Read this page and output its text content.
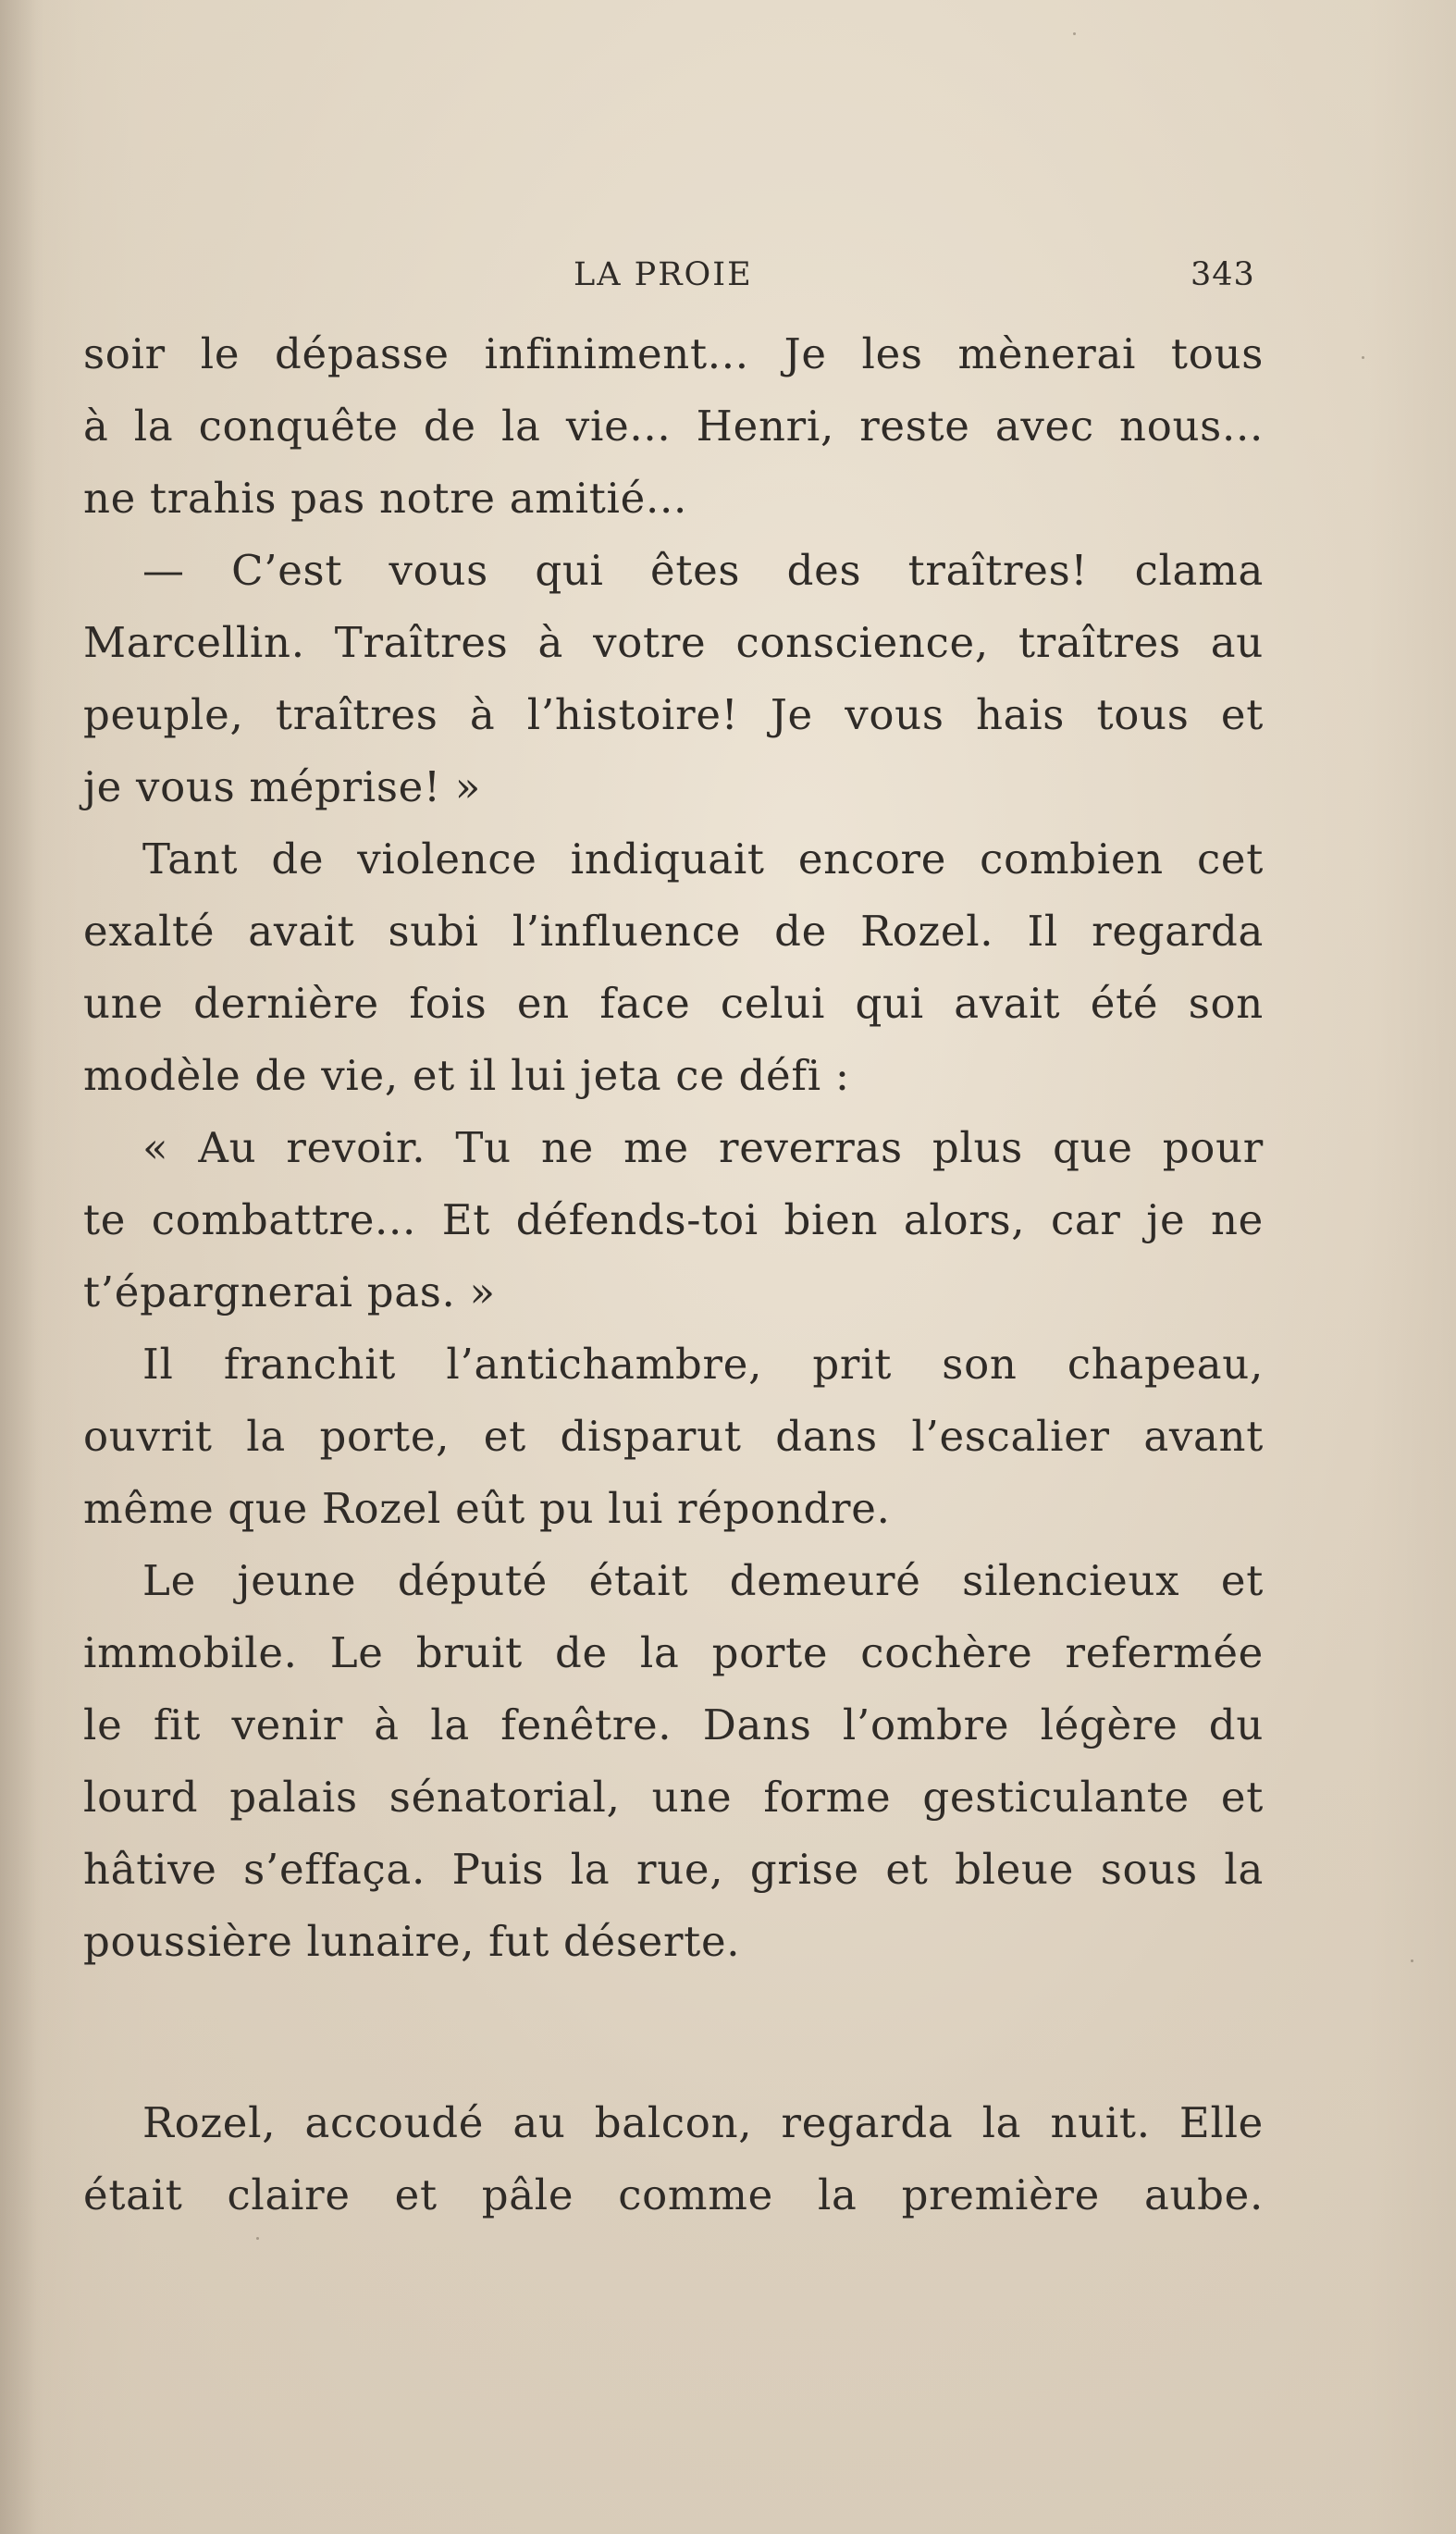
LA PROIE	343
soir le dépasse infiniment... Je les mènerai tous
à la conquête de la vie... Henri, reste avec nous...
ne trahis pas notre amitié...
— C’est vous qui êtes des traîtres! clama
Marcellin. Traîtres à votre conscience, traîtres au
peuple, traîtres à l’histoire! Je vous hais tous et
je vous méprise! »
Tant de violence indiquait encore combien cet
exalté avait subi l’influence de Rozel. Il regarda
une dernière fois en face celui qui avait été son
modèle de vie, et il lui jeta ce défi :
« Au revoir. Tu ne me reverras plus que pour
te combattre... Et défends-toi bien alors, car je ne
t’épargnerai pas. »
Il franchit l’antichambre, prit son chapeau,
ouvrit la porte, et disparut dans l’escalier avant
même que Rozel eût pu lui répondre.
Le jeune député était demeuré silencieux et
immobile. Le bruit de la porte cochère refermée
le fit venir à la fenêtre. Dans l’ombre légère du
lourd palais sénatorial, une forme gesticulante et
hâtive s’effaça. Puis la rue, grise et bleue sous la
poussière lunaire, fut déserte.
Rozel, accoudé au balcon, regarda la nuit. Elle
était claire et pâle comme la première aube.
